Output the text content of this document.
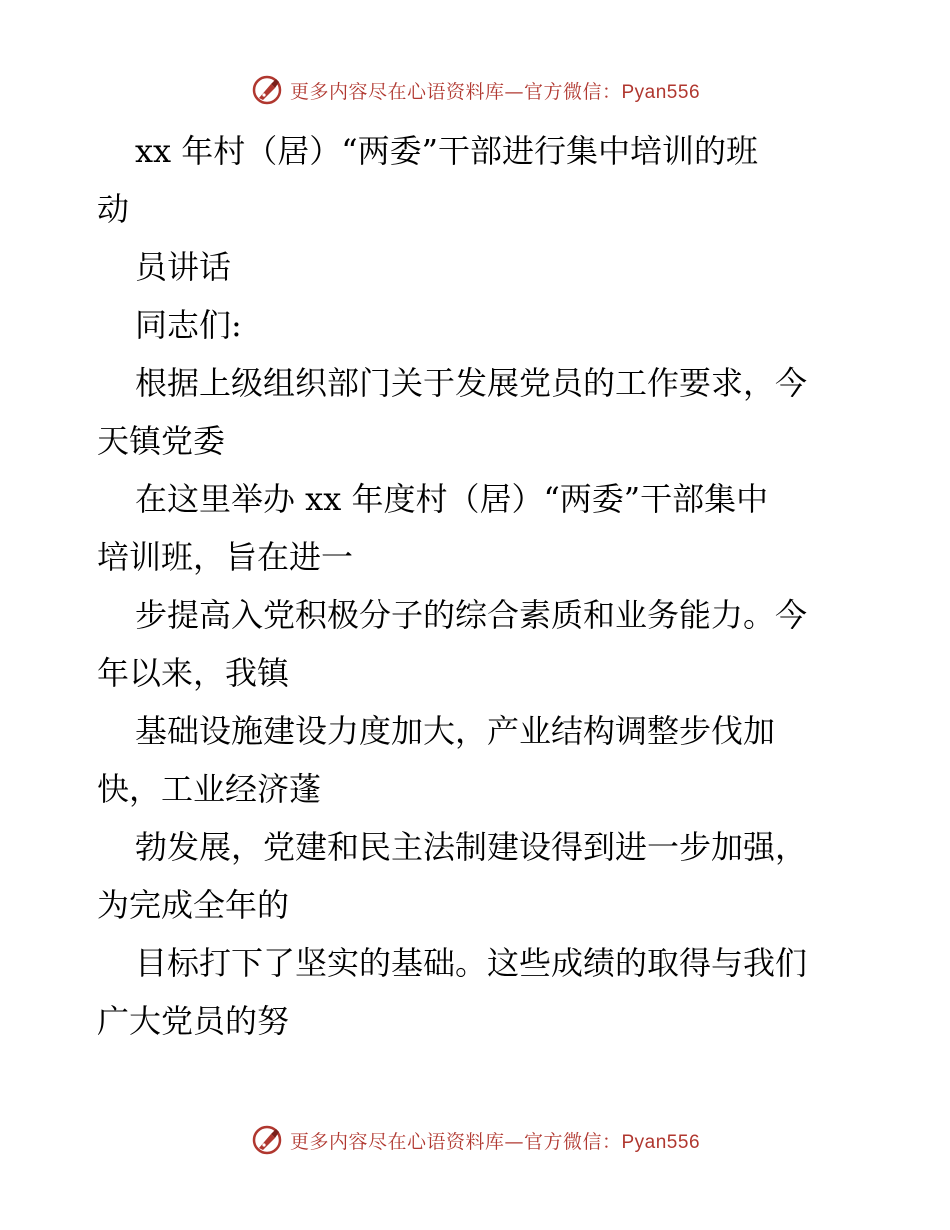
更多内容尽在心语资料库—官方微信：Pyan556
xx 年村（居）“两委”干部进行集中培训的班
动
员讲话
同志们:
根据上级组织部门关于发展党员的工作要求，今
天镇党委
在这里举办 xx 年度村（居）“两委”干部集中
培训班，旨在进一
步提高入党积极分子的综合素质和业务能力。今
年以来，我镇
基础设施建设力度加大，产业结构调整步伐加
快，工业经济蓬
勃发展，党建和民主法制建设得到进一步加强，
为完成全年的
目标打下了坚实的基础。这些成绩的取得与我们
广大党员的努
更多内容尽在心语资料库—官方微信：Pyan556
